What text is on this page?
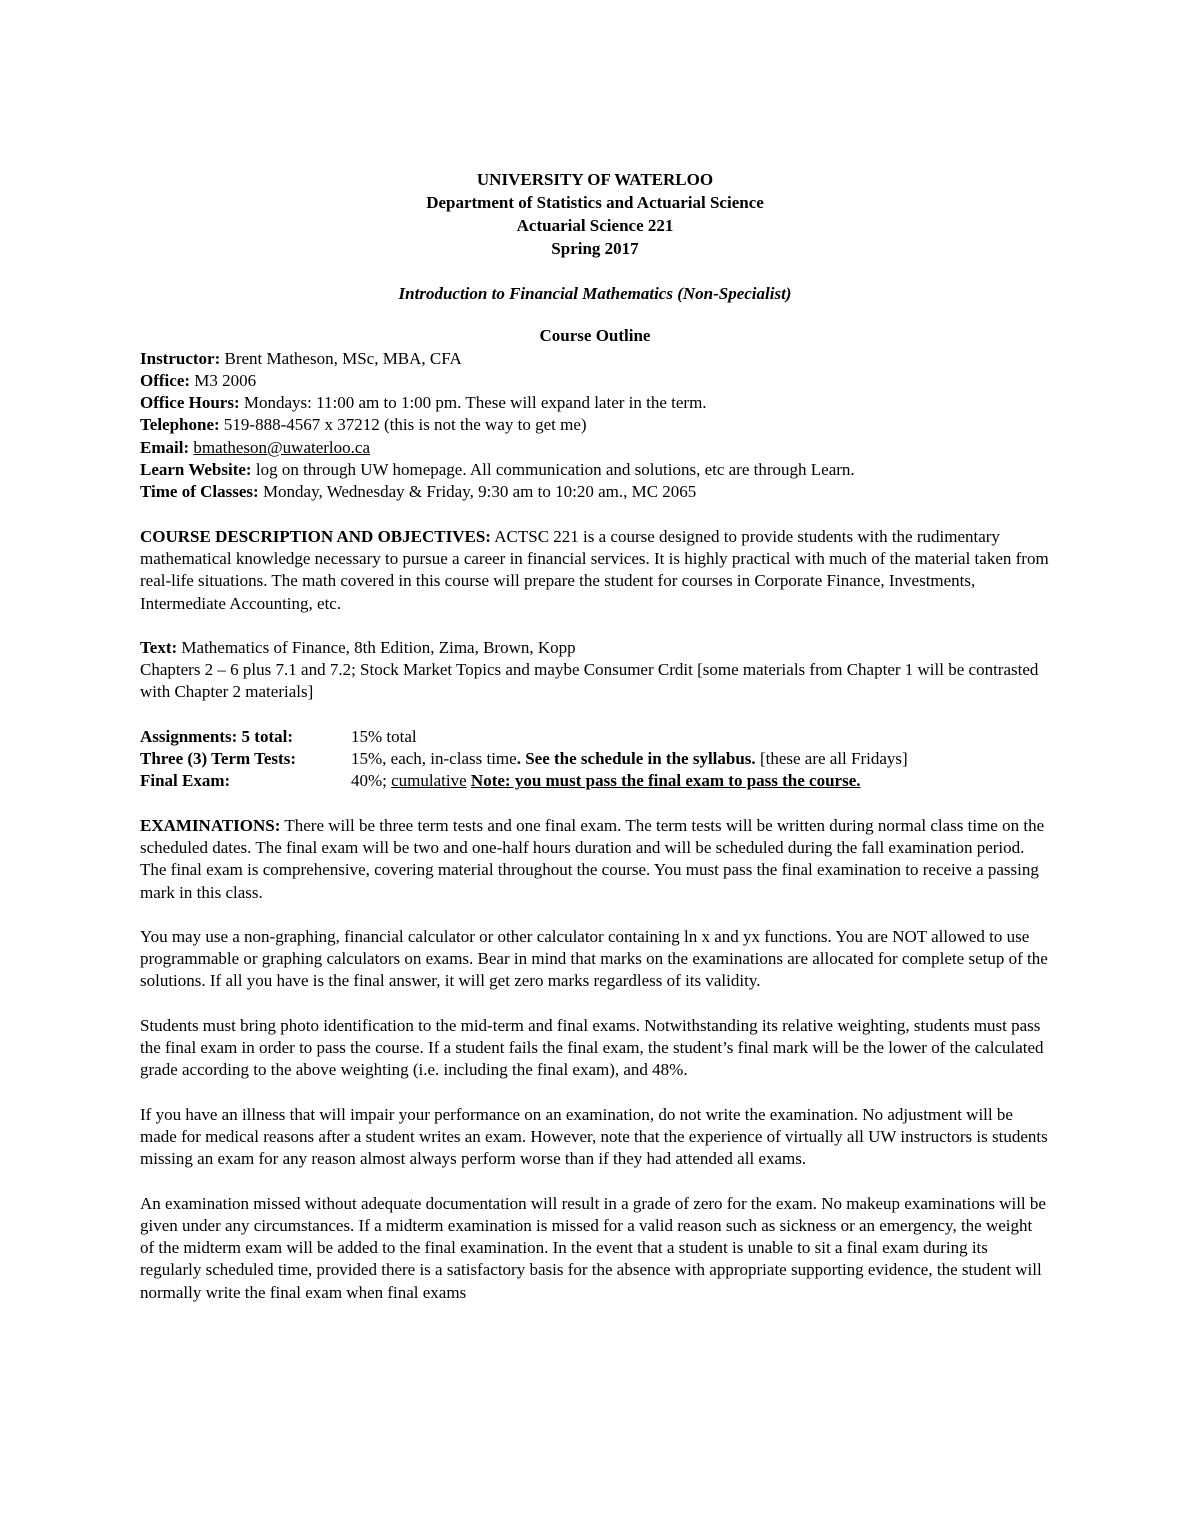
UNIVERSITY OF WATERLOO
Department of Statistics and Actuarial Science
Actuarial Science 221
Spring 2017
Introduction to Financial Mathematics (Non-Specialist)
Course Outline

Instructor: Brent Matheson, MSc, MBA, CFA

Office: M3 2006

Office Hours: Mondays: 11:00 am to 1:00 pm. These will expand later in the term.

Telephone: 519-888-4567 x 37212 (this is not the way to get me)

Email: bmatheson@uwaterloo.ca

Learn Website: log on through UW homepage. All communication and solutions, etc are through Learn.

Time of Classes: Monday, Wednesday & Friday, 9:30 am to 10:20 am., MC 2065

COURSE DESCRIPTION AND OBJECTIVES: ACTSC 221 is a course designed to provide students with the rudimentary mathematical knowledge necessary to pursue a career in financial services. It is highly practical with much of the material taken from real-life situations. The math covered in this course will prepare the student for courses in Corporate Finance, Investments, Intermediate Accounting, etc.

Text: Mathematics of Finance, 8th Edition, Zima, Brown, Kopp

Chapters 2 – 6 plus 7.1 and 7.2; Stock Market Topics and maybe Consumer Crdit [some materials from Chapter 1 will be contrasted with Chapter 2 materials]

Assignments: 5 total:	15% total
Three (3) Term Tests:	15%, each, in-class time. See the schedule in the syllabus. [these are all Fridays]
Final Exam:	40%; cumulative Note: you must pass the final exam to pass the course.

EXAMINATIONS: There will be three term tests and one final exam. The term tests will be written during normal class time on the scheduled dates. The final exam will be two and one-half hours duration and will be scheduled during the fall examination period. The final exam is comprehensive, covering material throughout the course. You must pass the final examination to receive a passing mark in this class.

You may use a non-graphing, financial calculator or other calculator containing ln x and yx functions. You are NOT allowed to use programmable or graphing calculators on exams. Bear in mind that marks on the examinations are allocated for complete setup of the solutions. If all you have is the final answer, it will get zero marks regardless of its validity.

Students must bring photo identification to the mid-term and final exams. Notwithstanding its relative weighting, students must pass the final exam in order to pass the course. If a student fails the final exam, the student’s final mark will be the lower of the calculated grade according to the above weighting (i.e. including the final exam), and 48%.

If you have an illness that will impair your performance on an examination, do not write the examination. No adjustment will be made for medical reasons after a student writes an exam. However, note that the experience of virtually all UW instructors is students missing an exam for any reason almost always perform worse than if they had attended all exams.

An examination missed without adequate documentation will result in a grade of zero for the exam. No makeup examinations will be given under any circumstances. If a midterm examination is missed for a valid reason such as sickness or an emergency, the weight of the midterm exam will be added to the final examination. In the event that a student is unable to sit a final exam during its regularly scheduled time, provided there is a satisfactory basis for the absence with appropriate supporting evidence, the student will normally write the final exam when final exams
